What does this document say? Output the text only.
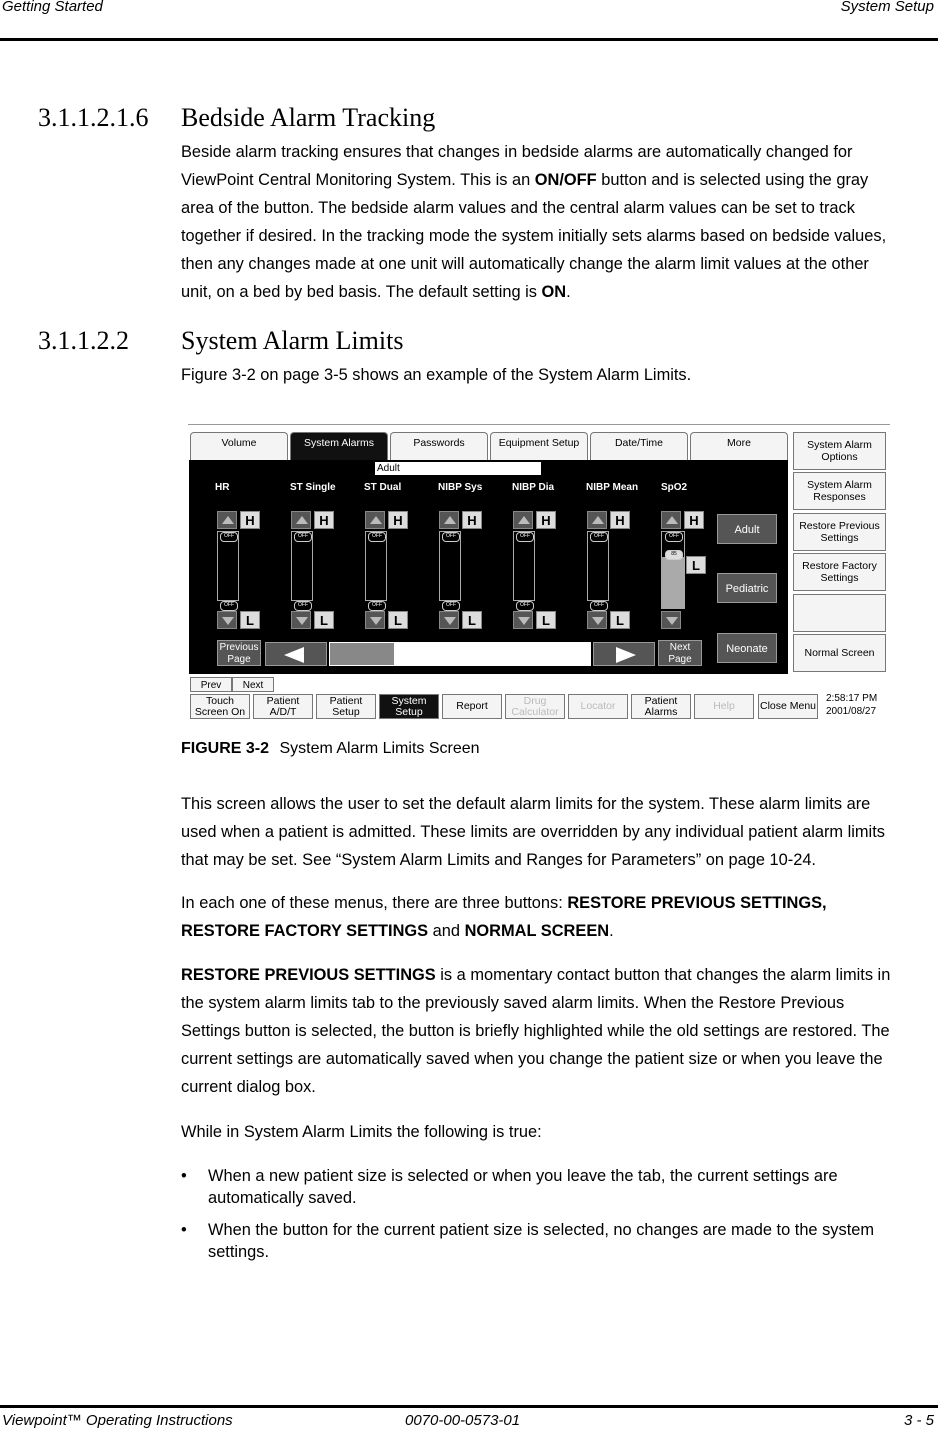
Getting Started	System Setup
3.1.1.2.1.6 Bedside Alarm Tracking
Beside alarm tracking ensures that changes in bedside alarms are automatically changed for ViewPoint Central Monitoring System. This is an ON/OFF button and is selected using the gray area of the button. The bedside alarm values and the central alarm values can be set to track together if desired. In the tracking mode the system initially sets alarms based on bedside values, then any changes made at one unit will automatically change the alarm limit values at the other unit, on a bed by bed basis. The default setting is ON.
3.1.1.2.2 System Alarm Limits
Figure 3-2 on page 3-5 shows an example of the System Alarm Limits.
Volume	System Alarms	Passwords	Equipment Setup	Date/Time	More
Adult
HR	ST Single	ST Dual	NIBP Sys	NIBP Dia	NIBP Mean SpO2
H
OFF
OFF
L
H
OFF
OFF
L
H
OFF
OFF
L
H
OFF
OFF
L
H
OFF
OFF
L
H
OFF
OFF
L
H
OFF
85
L
Adult
Pediatric
Neonate
Previous Page
Next Page
System Alarm Options
System Alarm Responses
Restore Previous Settings
Restore Factory Settings
Normal Screen
Prev	Next
Touch Screen On
Patient A/D/T
Patient Setup
System Setup	Report	Drug Calculator	Locator	Patient Alarms	Help	Close Menu
2:58:17 PM
2001/08/27
FIGURE 3-2 System Alarm Limits Screen
This screen allows the user to set the default alarm limits for the system. These alarm limits are used when a patient is admitted. These limits are overridden by any individual patient alarm limits that may be set. See “System Alarm Limits and Ranges for Parameters” on page 10-24.
In each one of these menus, there are three buttons: RESTORE PREVIOUS SETTINGS, RESTORE FACTORY SETTINGS and NORMAL SCREEN.
RESTORE PREVIOUS SETTINGS is a momentary contact button that changes the alarm limits in the system alarm limits tab to the previously saved alarm limits. When the Restore Previous Settings button is selected, the button is briefly highlighted while the old settings are restored. The current settings are automatically saved when you change the patient size or when you leave the current dialog box.
While in System Alarm Limits the following is true:
• When a new patient size is selected or when you leave the tab, the current settings are automatically saved.
• When the button for the current patient size is selected, no changes are made to the system settings.
Viewpoint™ Operating Instructions	0070-00-0573-01	3 - 5
